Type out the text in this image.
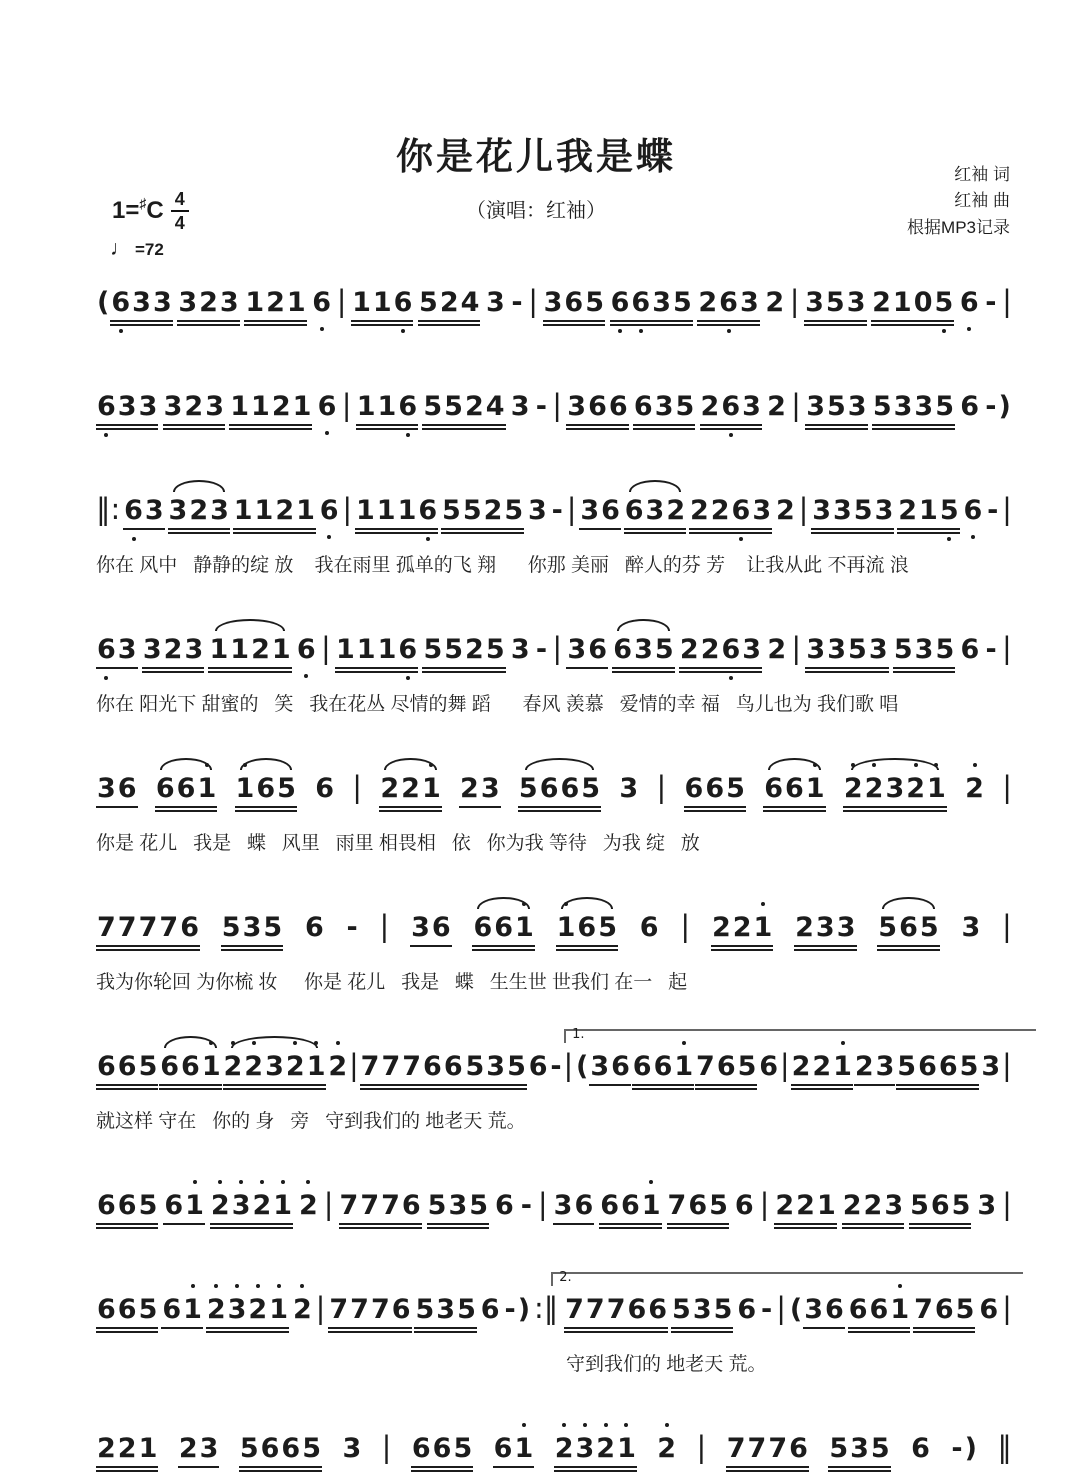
你是花儿我是蝶
（演唱：红袖）
红袖 词
红袖 曲
根据MP3记录
1= ♯ C $\frac{4}{4}$
♩ =72
(6
33 323 121 6 | 116 524 3 - | 365 6
6
35 26
3 2 | 353 2105 6 - |
6
33 323 1121 6 | 116 5524 3 - | 366 635 26
3 2 | 353 5335 6 -)
‖: 6
3 323 1121 6 | 1116 5525 3 - | 36 632 226
3 2 | 3353 215 6 - |
你在 风中   静静的绽 放    我在雨里 孤单的飞 翔      你那 美丽   醉人的芬 芳    让我从此 不再流 浪
6
3 323 1121 6 | 1116 5525 3 - | 36 635 226
3 2 | 3353 535 6 - |
你在 阳光下 甜蜜的   笑   我在花丛 尽情的舞 蹈      春风 羡慕   爱情的幸 福   鸟儿也为 我们歌 唱
36 661 1
65 6 | 221 23 5665 3 | 665 661 2
2
32
1 2 |
你是 花儿   我是   蝶   风里   雨里 相畏相   依   你为我 等待   为我 绽   放
77776 535 6 - | 36 661 1
65 6 | 221 233 565 3 |
我为你轮回 为你梳 妆     你是 花儿   我是   蝶   生生世 世我们 在一   起
665 661 2
2
32
1 2 | 77766 535 6 - |
1.
(36 661 765 6 | 221 23 5665 3 |
就这样 守在   你的 身   旁   守到我们的 地老天 荒。
665 61 2
3
2
1 2 | 7776 535 6 - | 36 661 765 6 | 221 223 565 3 |
665 61 2
3
2
1 2 | 7776 535 6 -) :‖
2.
77766 535 6 - | (36 661 765 6 |
守到我们的 地老天 荒。
221 23 5665 3 | 665 61 2
3
2
1 2 | 7776 535 6 -) ‖
